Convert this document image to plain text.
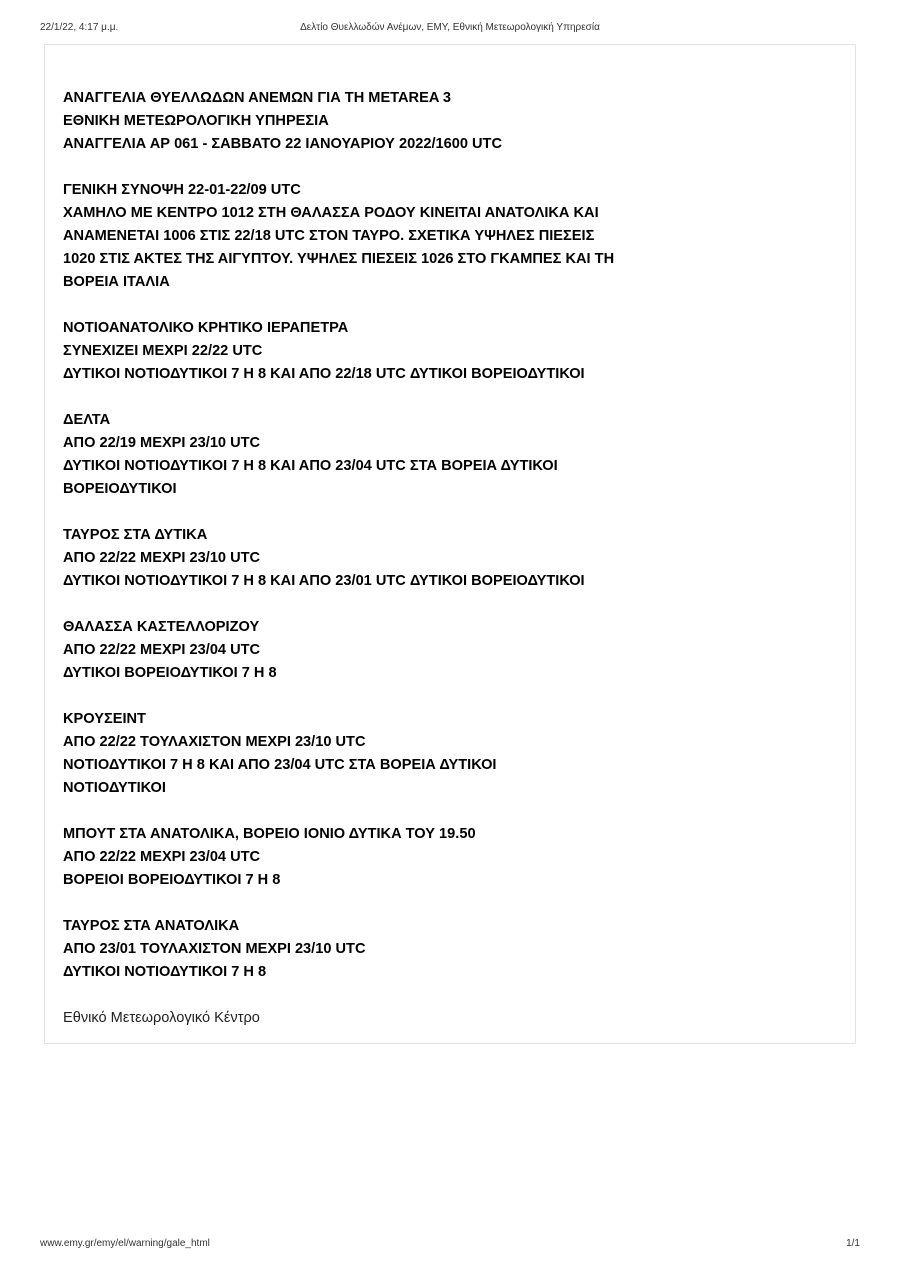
22/1/22, 4:17 μ.μ.	Δελτίο Θυελλωδών Ανέμων, ΕΜΥ, Εθνική Μετεωρολογική Υπηρεσία
ΑΝΑΓΓΕΛΙΑ ΘΥΕΛΛΩΔΩΝ ΑΝΕΜΩΝ ΓΙΑ ΤΗ METAREA 3
ΕΘΝΙΚΗ ΜΕΤΕΩΡΟΛΟΓΙΚΗ ΥΠΗΡΕΣΙΑ
ΑΝΑΓΓΕΛΙΑ ΑΡ 061 - ΣΑΒΒΑΤΟ 22 ΙΑΝΟΥΑΡΙΟΥ 2022/1600 UTC
ΓΕΝΙΚΗ ΣΥΝΟΨΗ 22-01-22/09 UTC
ΧΑΜΗΛΟ ΜΕ ΚΕΝΤΡΟ 1012 ΣΤΗ ΘΑΛΑΣΣΑ ΡΟΔΟΥ ΚΙΝΕΙΤΑΙ ΑΝΑΤΟΛΙΚΑ ΚΑΙ
ΑΝΑΜΕΝΕΤΑΙ 1006 ΣΤΙΣ 22/18 UTC ΣΤΟΝ ΤΑΥΡΟ. ΣΧΕΤΙΚΑ ΥΨΗΛΕΣ ΠΙΕΣΕΙΣ
1020 ΣΤΙΣ ΑΚΤΕΣ ΤΗΣ ΑΙΓΥΠΤΟΥ. ΥΨΗΛΕΣ ΠΙΕΣΕΙΣ 1026 ΣΤΟ ΓΚΑΜΠΕΣ ΚΑΙ ΤΗ
ΒΟΡΕΙΑ ΙΤΑΛΙΑ
ΝΟΤΙΟΑΝΑΤΟΛΙΚΟ ΚΡΗΤΙΚΟ ΙΕΡΑΠΕΤΡΑ
ΣΥΝΕΧΙΖΕΙ ΜΕΧΡΙ 22/22 UTC
ΔΥΤΙΚΟΙ ΝΟΤΙΟΔΥΤΙΚΟΙ 7 Η 8 ΚΑΙ ΑΠΟ 22/18 UTC ΔΥΤΙΚΟΙ ΒΟΡΕΙΟΔΥΤΙΚΟΙ
ΔΕΛΤΑ
ΑΠΟ 22/19 ΜΕΧΡΙ 23/10 UTC
ΔΥΤΙΚΟΙ ΝΟΤΙΟΔΥΤΙΚΟΙ 7 Η 8 ΚΑΙ ΑΠΟ 23/04 UTC ΣΤΑ ΒΟΡΕΙΑ ΔΥΤΙΚΟΙ
ΒΟΡΕΙΟΔΥΤΙΚΟΙ
ΤΑΥΡΟΣ ΣΤΑ ΔΥΤΙΚΑ
ΑΠΟ 22/22 ΜΕΧΡΙ 23/10 UTC
ΔΥΤΙΚΟΙ ΝΟΤΙΟΔΥΤΙΚΟΙ 7 Η 8 ΚΑΙ ΑΠΟ 23/01 UTC ΔΥΤΙΚΟΙ ΒΟΡΕΙΟΔΥΤΙΚΟΙ
ΘΑΛΑΣΣΑ ΚΑΣΤΕΛΛΟΡΙΖΟΥ
ΑΠΟ 22/22 ΜΕΧΡΙ 23/04 UTC
ΔΥΤΙΚΟΙ ΒΟΡΕΙΟΔΥΤΙΚΟΙ 7 Η 8
ΚΡΟΥΣΕΙΝΤ
ΑΠΟ 22/22 ΤΟΥΛΑΧΙΣΤΟΝ ΜΕΧΡΙ 23/10 UTC
ΝΟΤΙΟΔΥΤΙΚΟΙ 7 Η 8 ΚΑΙ ΑΠΟ 23/04 UTC ΣΤΑ ΒΟΡΕΙΑ ΔΥΤΙΚΟΙ
ΝΟΤΙΟΔΥΤΙΚΟΙ
ΜΠΟΥΤ ΣΤΑ ΑΝΑΤΟΛΙΚΑ, ΒΟΡΕΙΟ ΙΟΝΙΟ ΔΥΤΙΚΑ ΤΟΥ 19.50
ΑΠΟ 22/22 ΜΕΧΡΙ 23/04 UTC
ΒΟΡΕΙΟΙ ΒΟΡΕΙΟΔΥΤΙΚΟΙ 7 Η 8
ΤΑΥΡΟΣ ΣΤΑ ΑΝΑΤΟΛΙΚΑ
ΑΠΟ 23/01 ΤΟΥΛΑΧΙΣΤΟΝ ΜΕΧΡΙ 23/10 UTC
ΔΥΤΙΚΟΙ ΝΟΤΙΟΔΥΤΙΚΟΙ 7 Η 8
Εθνικό Μετεωρολογικό Κέντρο
www.emy.gr/emy/el/warning/gale_html	1/1
